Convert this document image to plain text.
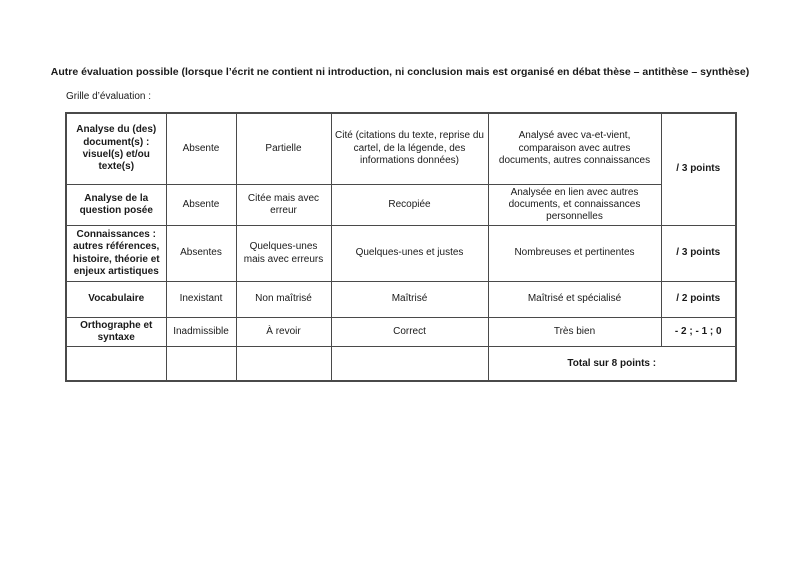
Autre évaluation possible (lorsque l’écrit ne contient ni introduction, ni conclusion mais est organisé en débat thèse – antithèse – synthèse)
Grille d’évaluation :
Analyse du (des) document(s) : visuel(s) et/ou texte(s)	Absente	Partielle	Cité (citations du texte, reprise du cartel, de la légende, des informations données)	Analysé avec va-et-vient, comparaison avec autres documents, autres connaissances	/ 3 points
Analyse de la question posée	Absente	Citée mais avec erreur	Recopiée	Analysée en lien avec autres documents, et connaissances personnelles	
Connaissances : autres références, histoire, théorie et enjeux artistiques	Absentes	Quelques-unes mais avec erreurs	Quelques-unes et justes	Nombreuses et pertinentes	/ 3 points
Vocabulaire	Inexistant	Non maîtrisé	Maîtrisé	Maîtrisé et spécialisé	/ 2 points
Orthographe et syntaxe	Inadmissible	À revoir	Correct	Très bien	- 2 ; - 1 ; 0
				Total sur 8 points :	
